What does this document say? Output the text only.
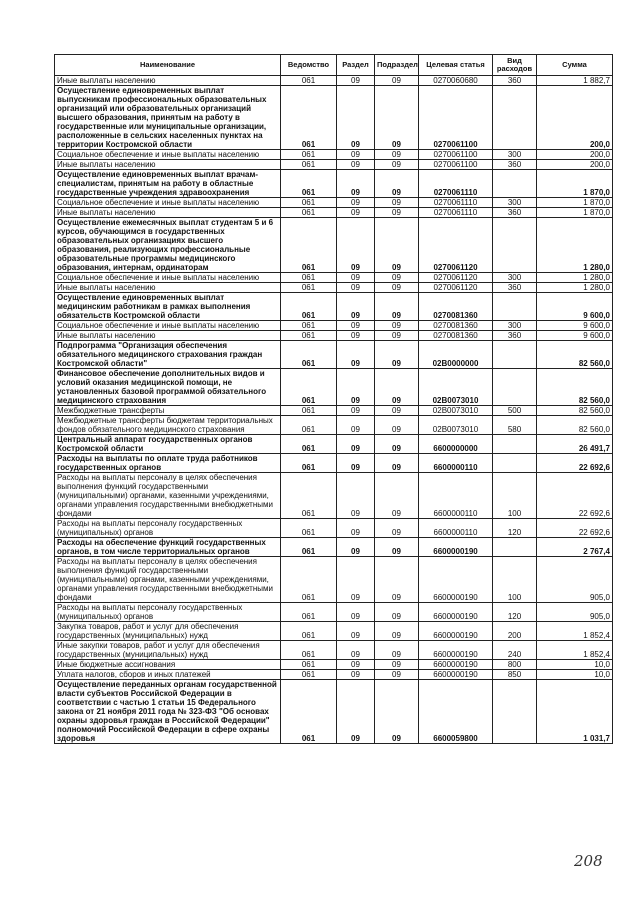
Наименование	Ведомство	Раздел	Подраздел	Целевая статья	Вид расходов	Сумма
Иные выплаты населению	061	09	09	0270060680	360	1 882,7
Осуществление единовременных выплат выпускникам профессиональных образовательных организаций или образовательных организаций высшего образования, принятым на работу в государственные или муниципальные организации, расположенные в сельских населенных пунктах на территории Костромской области	061	09	09	0270061100		200,0
Социальное обеспечение и иные выплаты населению	061	09	09	0270061100	300	200,0
Иные выплаты населению	061	09	09	0270061100	360	200,0
Осуществление единовременных выплат врачам-специалистам, принятым на работу в областные государственные учреждения здравоохранения	061	09	09	0270061110		1 870,0
Социальное обеспечение и иные выплаты населению	061	09	09	0270061110	300	1 870,0
Иные выплаты населению	061	09	09	0270061110	360	1 870,0
Осуществление ежемесячных выплат студентам 5 и 6 курсов, обучающимся в государственных образовательных организациях высшего образования, реализующих профессиональные образовательные программы медицинского образования, интернам, ординаторам	061	09	09	0270061120		1 280,0
Социальное обеспечение и иные выплаты населению	061	09	09	0270061120	300	1 280,0
Иные выплаты населению	061	09	09	0270061120	360	1 280,0
Осуществление единовременных выплат медицинским работникам в рамках выполнения обязательств Костромской области	061	09	09	0270081360		9 600,0
Социальное обеспечение и иные выплаты населению	061	09	09	0270081360	300	9 600,0
Иные выплаты населению	061	09	09	0270081360	360	9 600,0
Подпрограмма "Организация обеспечения обязательного медицинского страхования граждан Костромской области"	061	09	09	02В0000000		82 560,0
Финансовое обеспечение дополнительных видов и условий оказания медицинской помощи, не установленных базовой программой обязательного медицинского страхования	061	09	09	02В0073010		82 560,0
Межбюджетные трансферты	061	09	09	02В0073010	500	82 560,0
Межбюджетные трансферты бюджетам территориальных фондов обязательного медицинского страхования	061	09	09	02В0073010	580	82 560,0
Центральный аппарат государственных органов Костромской области	061	09	09	6600000000		26 491,7
Расходы на выплаты по оплате труда работников государственных органов	061	09	09	6600000110		22 692,6
Расходы на выплаты персоналу в целях обеспечения выполнения функций государственными (муниципальными) органами, казенными учреждениями, органами управления государственными внебюджетными фондами	061	09	09	6600000110	100	22 692,6
Расходы на выплаты персоналу государственных (муниципальных) органов	061	09	09	6600000110	120	22 692,6
Расходы на обеспечение функций государственных органов, в том числе территориальных органов	061	09	09	6600000190		2 767,4
Расходы на выплаты персоналу в целях обеспечения выполнения функций государственными (муниципальными) органами, казенными учреждениями, органами управления государственными внебюджетными фондами	061	09	09	6600000190	100	905,0
Расходы на выплаты персоналу государственных (муниципальных) органов	061	09	09	6600000190	120	905,0
Закупка товаров, работ и услуг для обеспечения государственных (муниципальных) нужд	061	09	09	6600000190	200	1 852,4
Иные закупки товаров, работ и услуг для обеспечения государственных (муниципальных) нужд	061	09	09	6600000190	240	1 852,4
Иные бюджетные ассигнования	061	09	09	6600000190	800	10,0
Уплата налогов, сборов и иных платежей	061	09	09	6600000190	850	10,0
Осуществление переданных органам государственной власти субъектов Российской Федерации в соответствии с частью 1 статьи 15 Федерального закона от 21 ноября 2011 года № 323-ФЗ "Об основах охраны здоровья граждан в Российской Федерации" полномочий Российской Федерации в сфере охраны здоровья	061	09	09	6600059800		1 031,7
208
